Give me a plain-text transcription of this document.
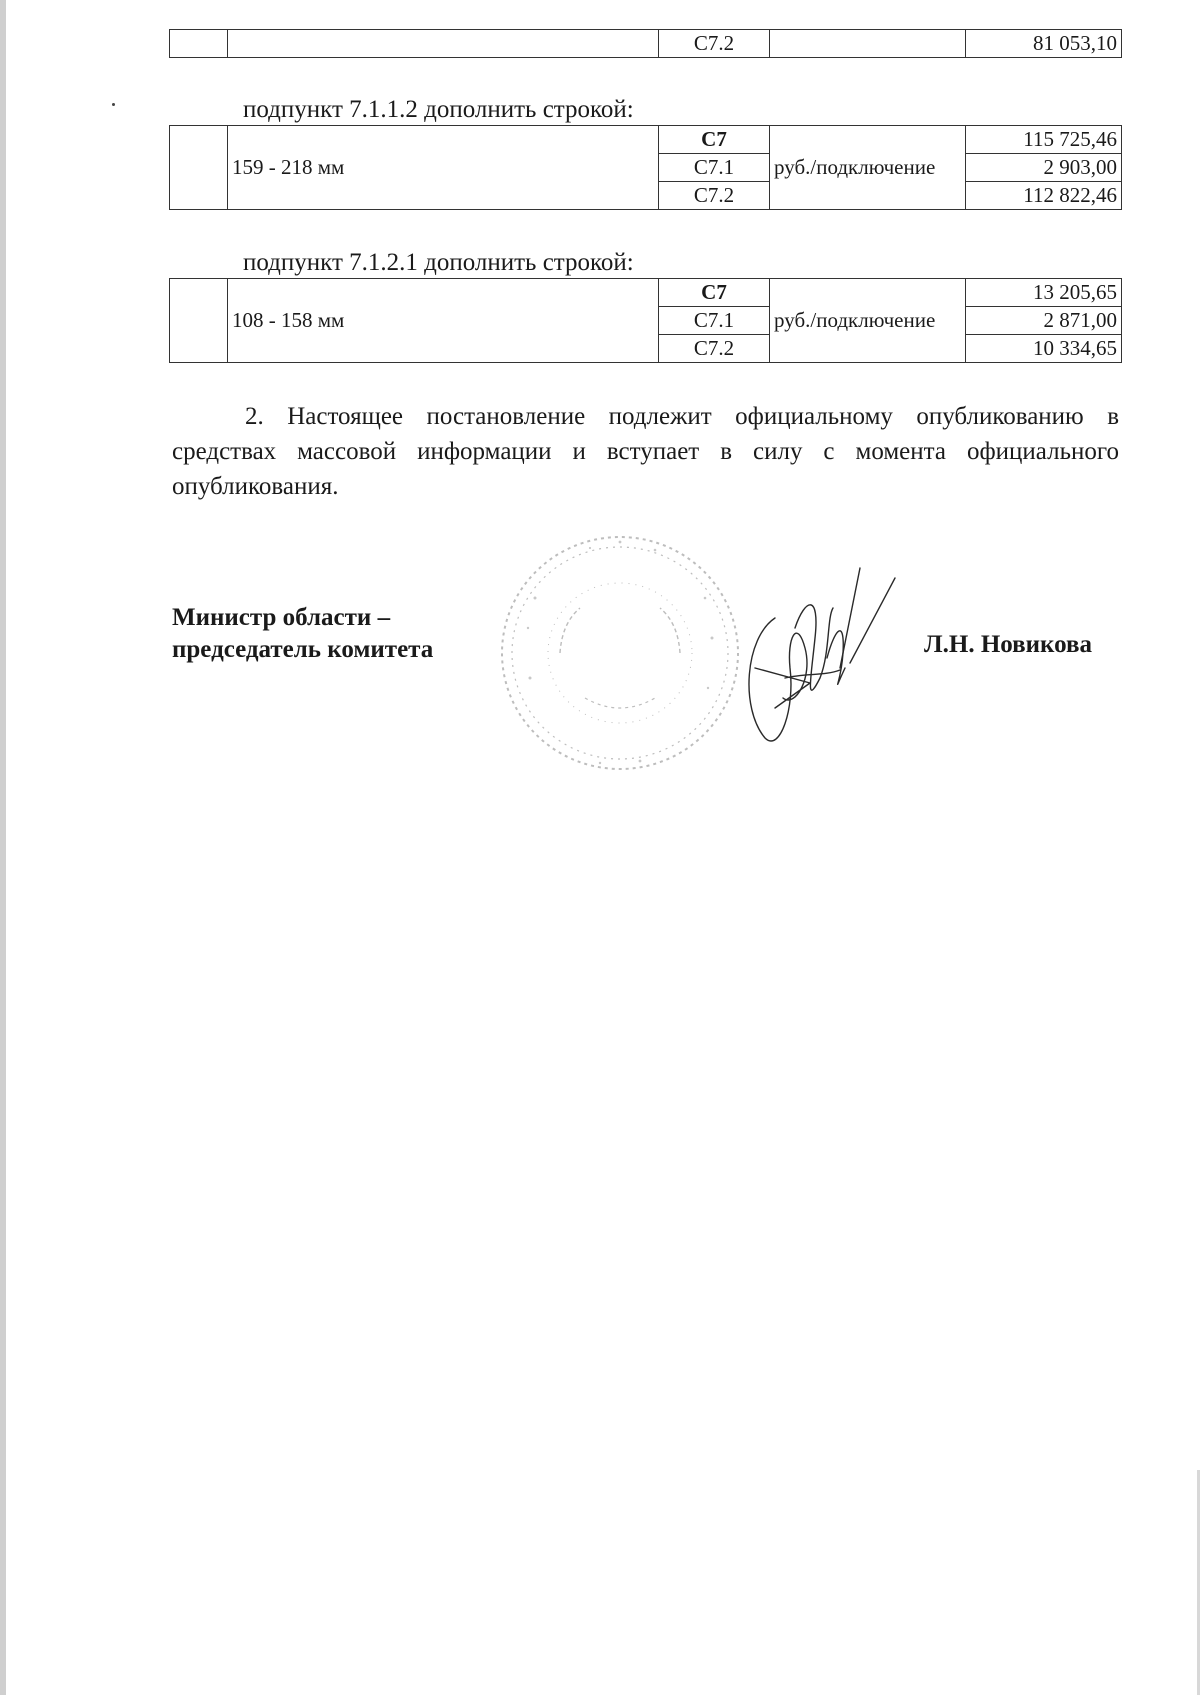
		С7.2		81 053,10
подпункт 7.1.1.2 дополнить строкой:
	159 - 218 мм	С7	руб./подключение	115 725,46
		С7.1		2 903,00
		С7.2		112 822,46
подпункт 7.1.2.1 дополнить строкой:
	108 - 158 мм	С7	руб./подключение	13 205,65
		С7.1		2 871,00
		С7.2		10 334,65

2. Настоящее постановление подлежит официальному опубликованию в средствах массовой информации и вступает в силу с момента официального опубликования.

Министр области –
председатель комитета	Л.Н. Новикова
